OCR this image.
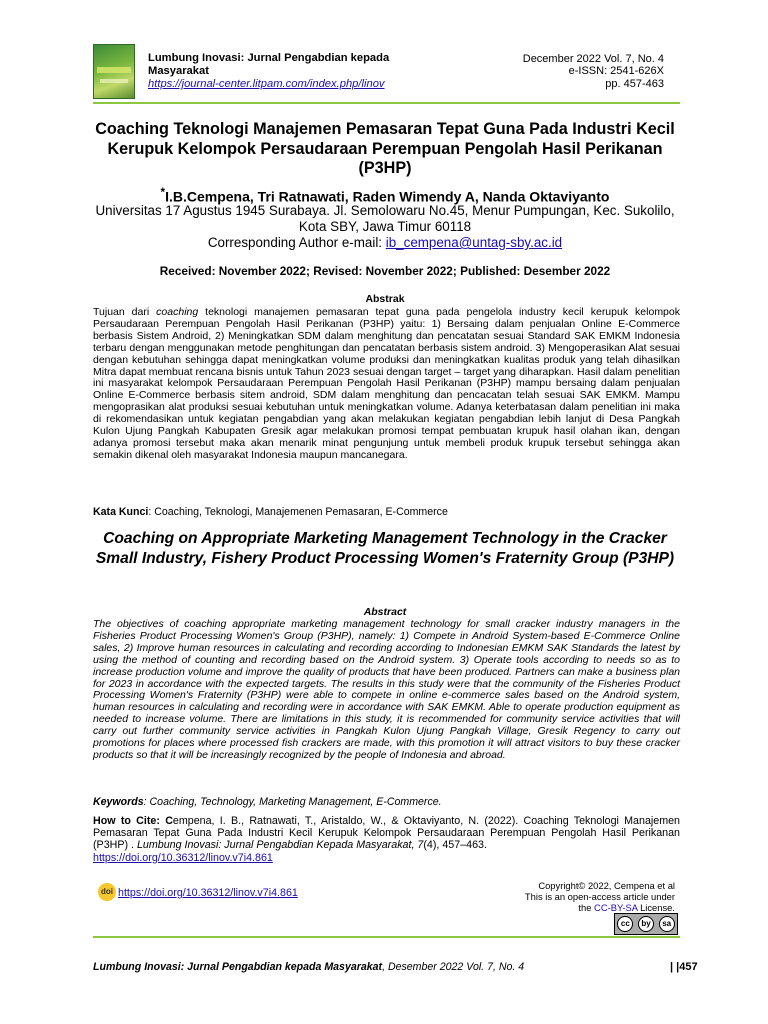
Lumbung Inovasi: Jurnal Pengabdian kepada Masyarakat
https://journal-center.litpam.com/index.php/linov
December 2022 Vol. 7, No. 4
e-ISSN: 2541-626X
pp. 457-463
Coaching Teknologi Manajemen Pemasaran Tepat Guna Pada Industri Kecil Kerupuk Kelompok Persaudaraan Perempuan Pengolah Hasil Perikanan (P3HP)
*I.B.Cempena, Tri Ratnawati, Raden Wimendy A, Nanda Oktaviyanto
Universitas 17 Agustus 1945 Surabaya. Jl. Semolowaru No.45, Menur Pumpungan, Kec. Sukolilo, Kota SBY, Jawa Timur 60118
Corresponding Author e-mail: ib_cempena@untag-sby.ac.id
Received: November 2022; Revised: November 2022; Published: Desember 2022
Abstrak
Tujuan dari coaching teknologi manajemen pemasaran tepat guna pada pengelola industry kecil kerupuk kelompok Persaudaraan Perempuan Pengolah Hasil Perikanan (P3HP) yaitu: 1) Bersaing dalam penjualan Online E-Commerce berbasis Sistem Android, 2) Meningkatkan SDM dalam menghitung dan pencatatan sesuai Standard SAK EMKM Indonesia terbaru dengan menggunakan metode penghitungan dan pencatatan berbasis sistem android. 3) Mengoperasikan Alat sesuai dengan kebutuhan sehingga dapat meningkatkan volume produksi dan meningkatkan kualitas produk yang telah dihasilkan Mitra dapat membuat rencana bisnis untuk Tahun 2023 sesuai dengan target – target yang diharapkan. Hasil dalam penelitian ini masyarakat kelompok Persaudaraan Perempuan Pengolah Hasil Perikanan (P3HP) mampu bersaing dalam penjualan Online E-Commerce berbasis sitem android, SDM dalam menghitung dan pencacatan telah sesuai SAK EMKM. Mampu mengoprasikan alat produksi sesuai kebutuhan untuk meningkatkan volume. Adanya keterbatasan dalam penelitian ini maka di rekomendasikan untuk kegiatan pengabdian yang akan melakukan kegiatan pengabdian lebih lanjut di Desa Pangkah Kulon Ujung Pangkah Kabupaten Gresik agar melakukan promosi tempat pembuatan krupuk hasil olahan ikan, dengan adanya promosi tersebut maka akan menarik minat pengunjung untuk membeli produk krupuk tersebut sehingga akan semakin dikenal oleh masyarakat Indonesia maupun mancanegara.
Kata Kunci: Coaching, Teknologi, Manajemenen Pemasaran, E-Commerce
Coaching on Appropriate Marketing Management Technology in the Cracker Small Industry, Fishery Product Processing Women's Fraternity Group (P3HP)
Abstract
The objectives of coaching appropriate marketing management technology for small cracker industry managers in the Fisheries Product Processing Women's Group (P3HP), namely: 1) Compete in Android System-based E-Commerce Online sales, 2) Improve human resources in calculating and recording according to Indonesian EMKM SAK Standards the latest by using the method of counting and recording based on the Android system. 3) Operate tools according to needs so as to increase production volume and improve the quality of products that have been produced. Partners can make a business plan for 2023 in accordance with the expected targets. The results in this study were that the community of the Fisheries Product Processing Women's Fraternity (P3HP) were able to compete in online e-commerce sales based on the Android system, human resources in calculating and recording were in accordance with SAK EMKM. Able to operate production equipment as needed to increase volume. There are limitations in this study, it is recommended for community service activities that will carry out further community service activities in Pangkah Kulon Ujung Pangkah Village, Gresik Regency to carry out promotions for places where processed fish crackers are made, with this promotion it will attract visitors to buy these cracker products so that it will be increasingly recognized by the people of Indonesia and abroad.
Keywords: Coaching, Technology, Marketing Management, E-Commerce.
How to Cite: Cempena, I. B., Ratnawati, T., Aristaldo, W., & Oktaviyanto, N. (2022). Coaching Teknologi Manajemen Pemasaran Tepat Guna Pada Industri Kecil Kerupuk Kelompok Persaudaraan Perempuan Pengolah Hasil Perikanan (P3HP) . Lumbung Inovasi: Jurnal Pengabdian Kepada Masyarakat, 7(4), 457–463.
https://doi.org/10.36312/linov.v7i4.861
doi https://doi.org/10.36312/linov.v7i4.861
Copyright© 2022, Cempena et al
This is an open-access article under
the CC-BY-SA License.
cc	by	sa
Lumbung Inovasi: Jurnal Pengabdian kepada Masyarakat, Desember 2022 Vol. 7, No. 4	| |457
